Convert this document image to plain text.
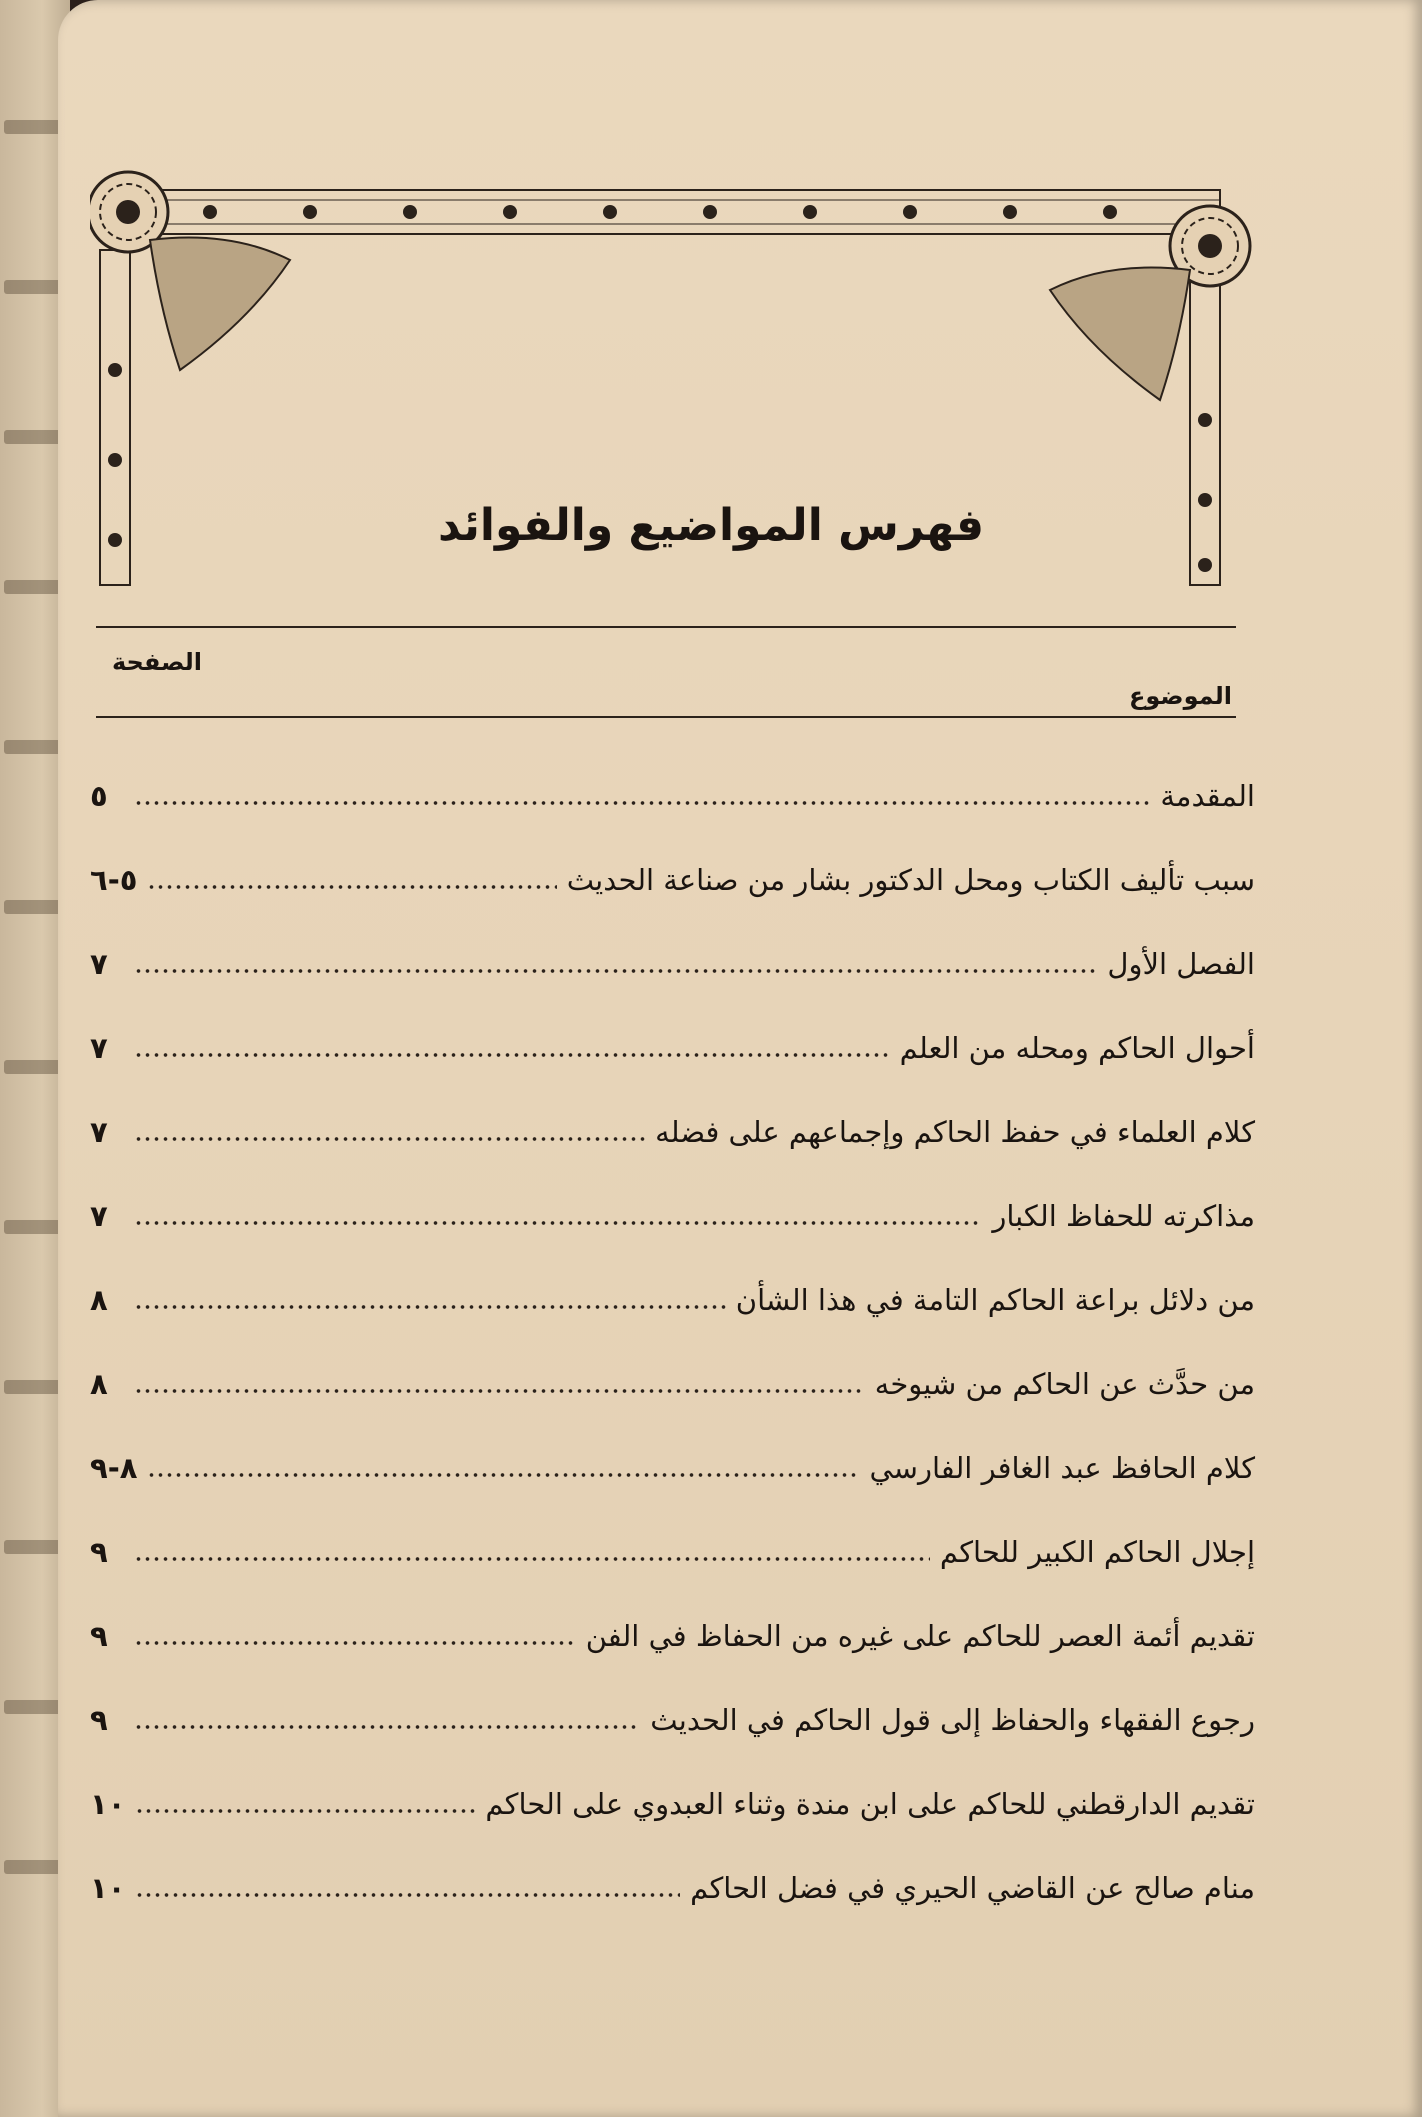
فهرس المواضيع والفوائد
الصفحة
الموضوع
المقدمة
٥
سبب تأليف الكتاب ومحل الدكتور بشار من صناعة الحديث
٥-٦
الفصل الأول
٧
أحوال الحاكم ومحله من العلم
٧
كلام العلماء في حفظ الحاكم وإجماعهم على فضله
٧
مذاكرته للحفاظ الكبار
٧
من دلائل براعة الحاكم التامة في هذا الشأن
٨
من حدَّث عن الحاكم من شيوخه
٨
كلام الحافظ عبد الغافر الفارسي
٨-٩
إجلال الحاكم الكبير للحاكم
٩
تقديم أئمة العصر للحاكم على غيره من الحفاظ في الفن
٩
رجوع الفقهاء والحفاظ إلى قول الحاكم في الحديث
٩
تقديم الدارقطني للحاكم على ابن مندة وثناء العبدوي على الحاكم
١٠
منام صالح عن القاضي الحيري في فضل الحاكم
١٠
